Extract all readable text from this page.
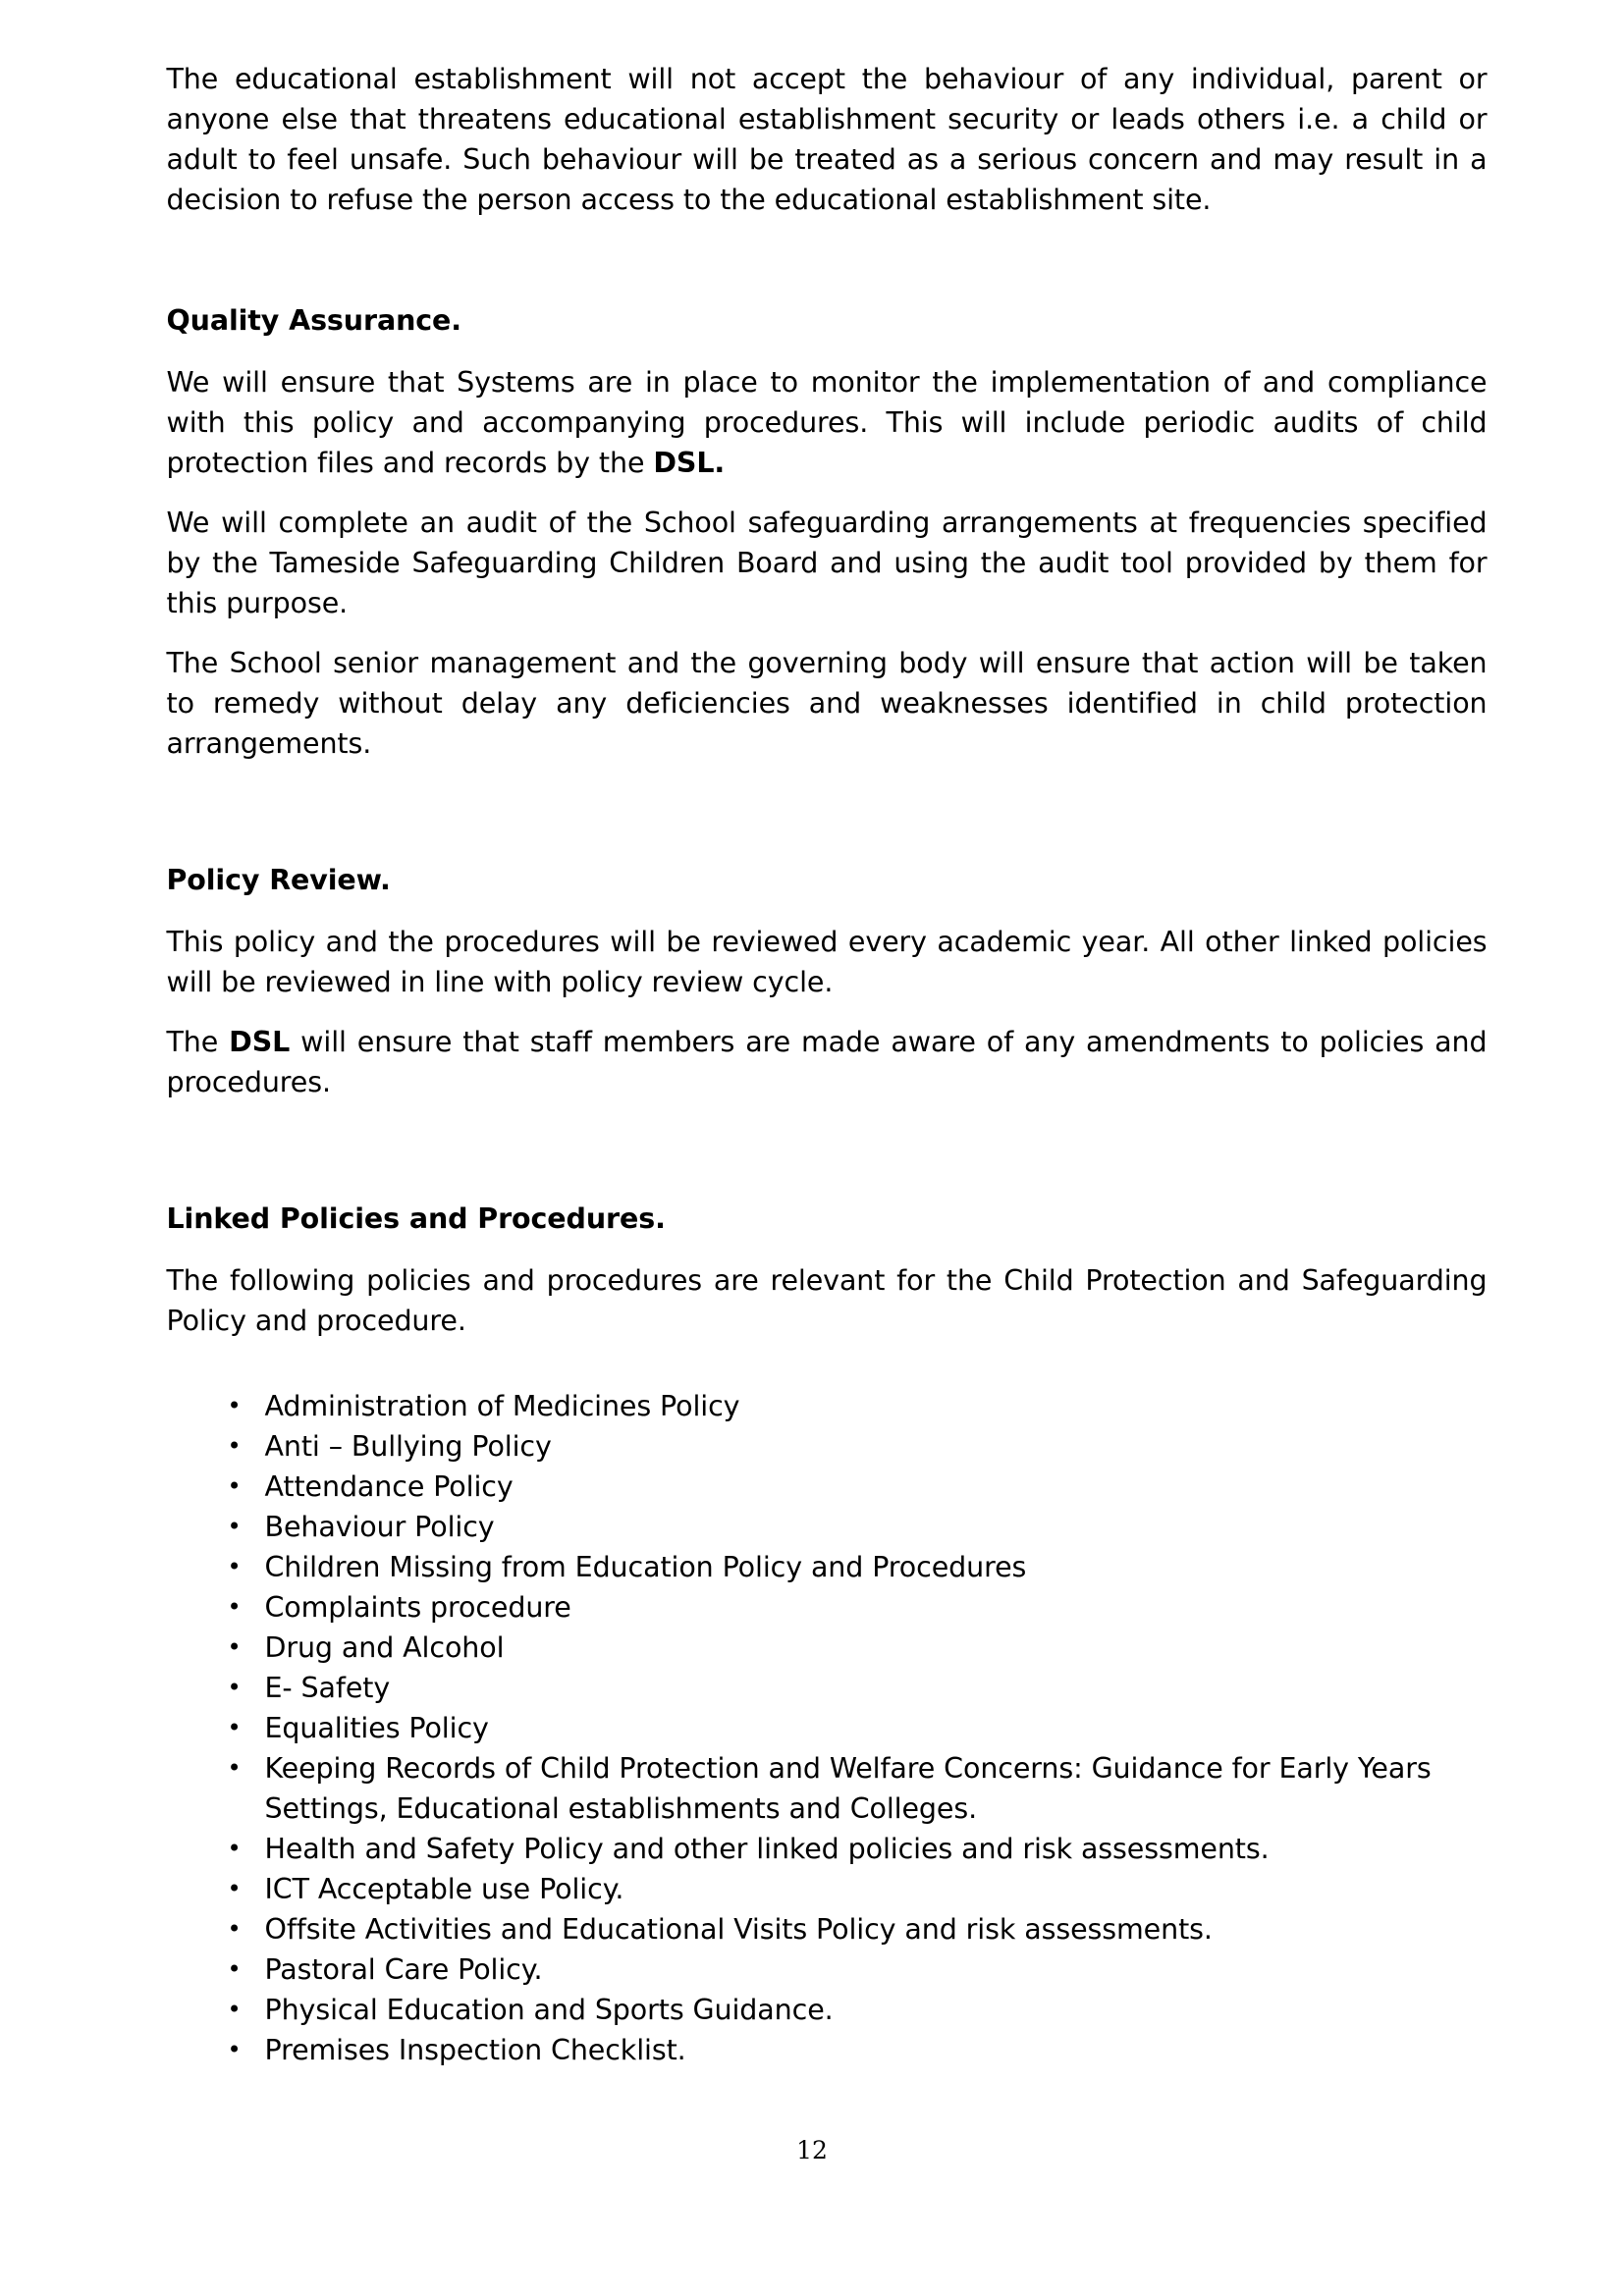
The educational establishment will not accept the behaviour of any individual, parent or anyone else that threatens educational establishment security or leads others i.e. a child or adult to feel unsafe. Such behaviour will be treated as a serious concern and may result in a decision to refuse the person access to the educational establishment site.

Quality Assurance.

We will ensure that Systems are in place to monitor the implementation of and compliance with this policy and accompanying procedures. This will include periodic audits of child protection files and records by the DSL.

We will complete an audit of the School safeguarding arrangements at frequencies specified by the Tameside Safeguarding Children Board and using the audit tool provided by them for this purpose.

The School senior management and the governing body will ensure that action will be taken to remedy without delay any deficiencies and weaknesses identified in child protection arrangements.

Policy Review.

This policy and the procedures will be reviewed every academic year. All other linked policies will be reviewed in line with policy review cycle.

The DSL will ensure that staff members are made aware of any amendments to policies and procedures.

Linked Policies and Procedures.

The following policies and procedures are relevant for the Child Protection and Safeguarding Policy and procedure.

• Administration of Medicines Policy
• Anti – Bullying Policy
• Attendance Policy
• Behaviour Policy
• Children Missing from Education Policy and Procedures
• Complaints procedure
• Drug and Alcohol
• E- Safety
• Equalities Policy
• Keeping Records of Child Protection and Welfare Concerns: Guidance for Early Years Settings, Educational establishments and Colleges.
• Health and Safety Policy and other linked policies and risk assessments.
• ICT Acceptable use Policy.
• Offsite Activities and Educational Visits Policy and risk assessments.
• Pastoral Care Policy.
• Physical Education and Sports Guidance.
• Premises Inspection Checklist.
12
